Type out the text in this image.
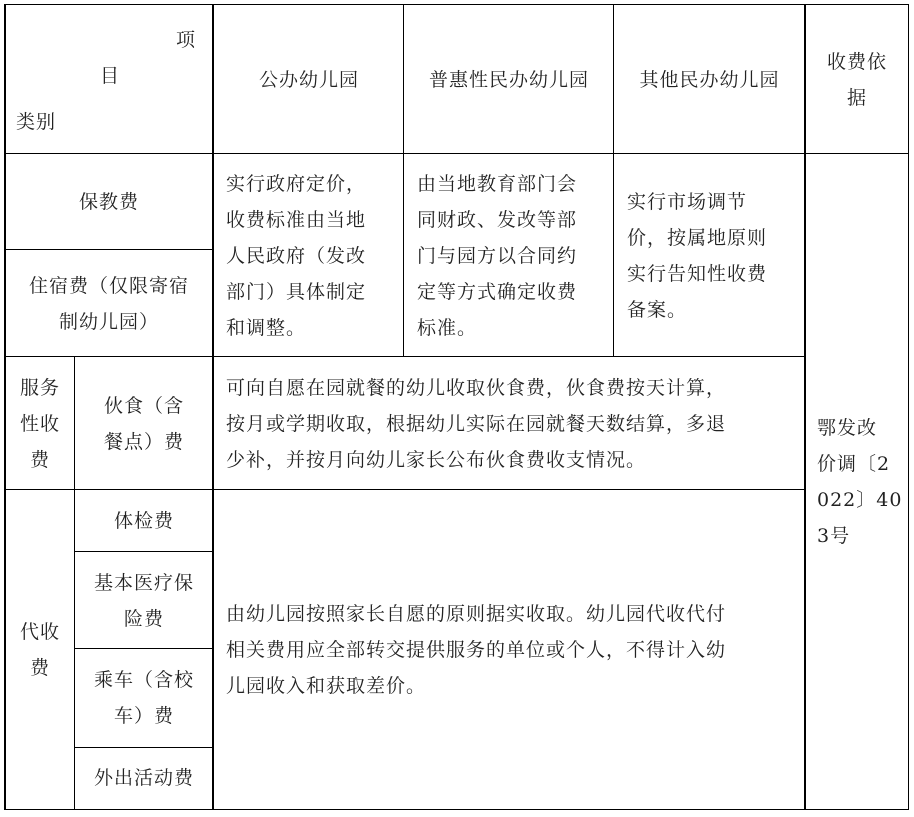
项
目
类别
公办幼儿园	普惠性民办幼儿园	其他民办幼儿园
收费依
据
保教费
住宿费（仅限寄宿
制幼儿园）
实行政府定价，
收费标准由当地
人民政府（发改
部门）具体制定
和调整。
由当地教育部门会
同财政、发改等部
门与园方以合同约
定等方式确定收费
标准。
实行市场调节
价，按属地原则
实行告知性收费
备案。
服务
性收
费
伙食（含
餐点）费
可向自愿在园就餐的幼儿收取伙食费，伙食费按天计算，
按月或学期收取，根据幼儿实际在园就餐天数结算，多退
少补，并按月向幼儿家长公布伙食费收支情况。
代收
费
体检费
基本医疗保
险费
乘车（含校
车）费
外出活动费
由幼儿园按照家长自愿的原则据实收取。幼儿园代收代付
相关费用应全部转交提供服务的单位或个人，不得计入幼
儿园收入和获取差价。
鄂发改
价调〔2
022〕40
3号
